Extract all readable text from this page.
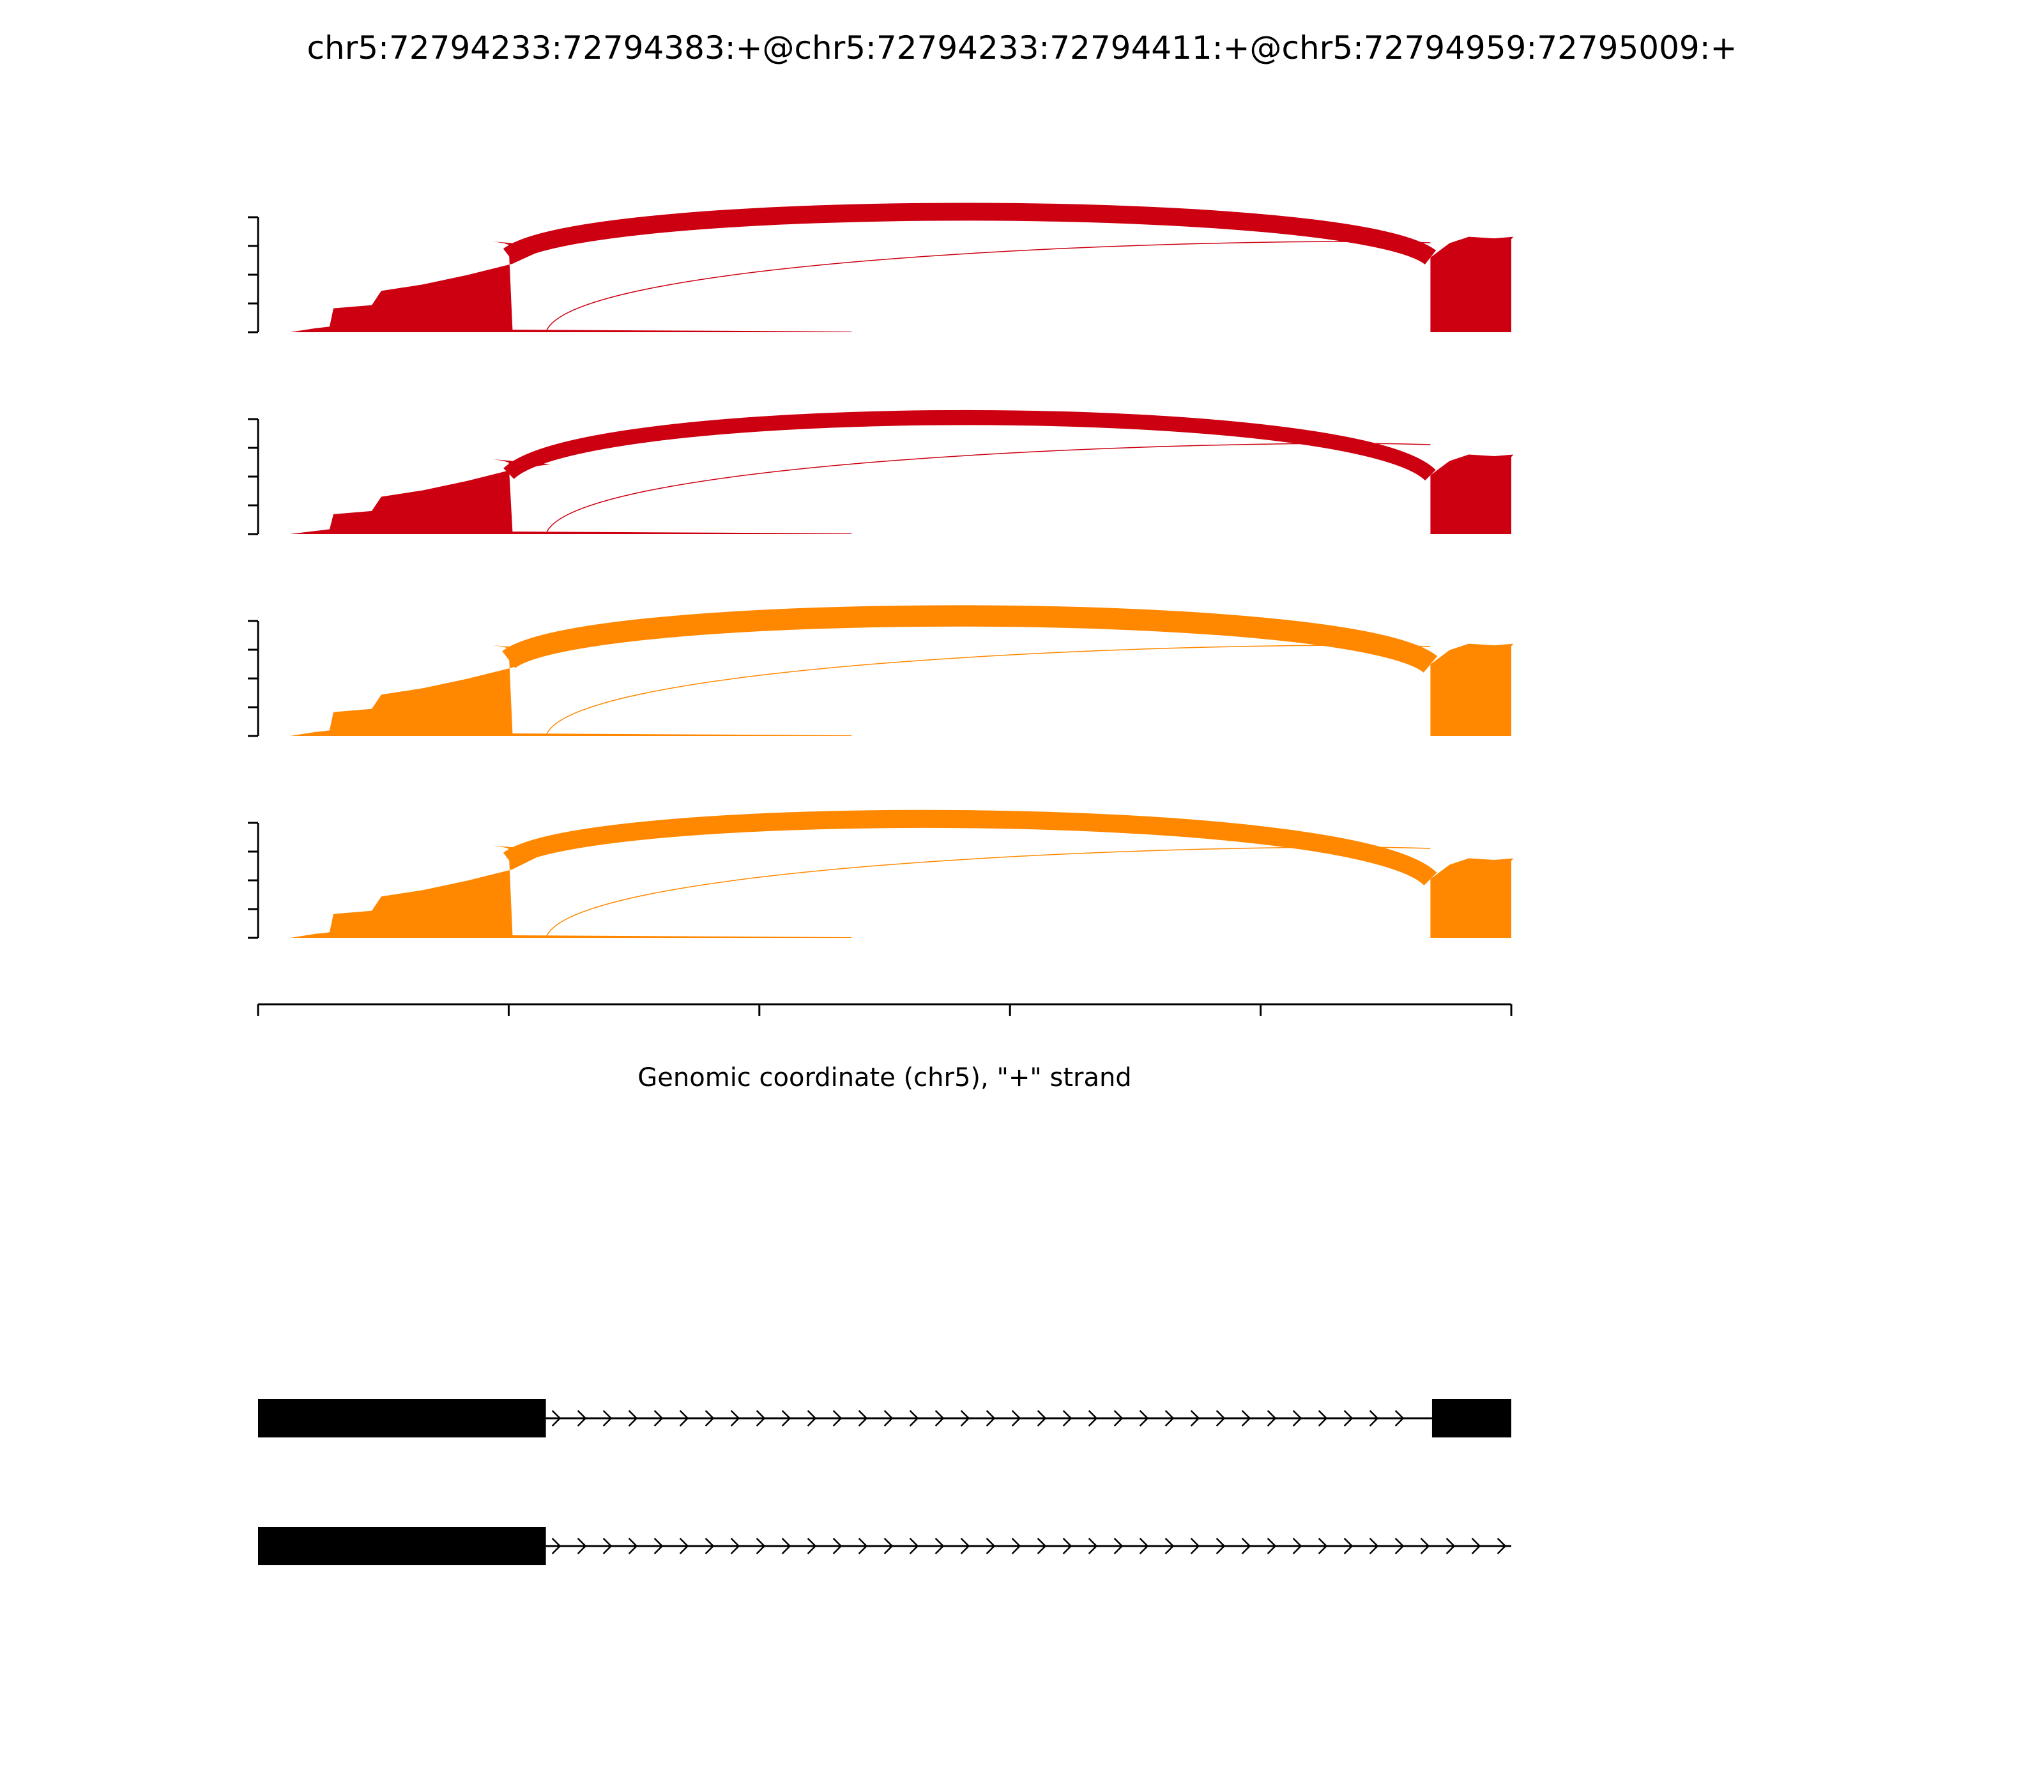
chr5:72794233:72794383:+@chr5:72794233:72794411:+@chr5:72794959:72795009:+
Genomic coordinate (chr5), "+" strand
